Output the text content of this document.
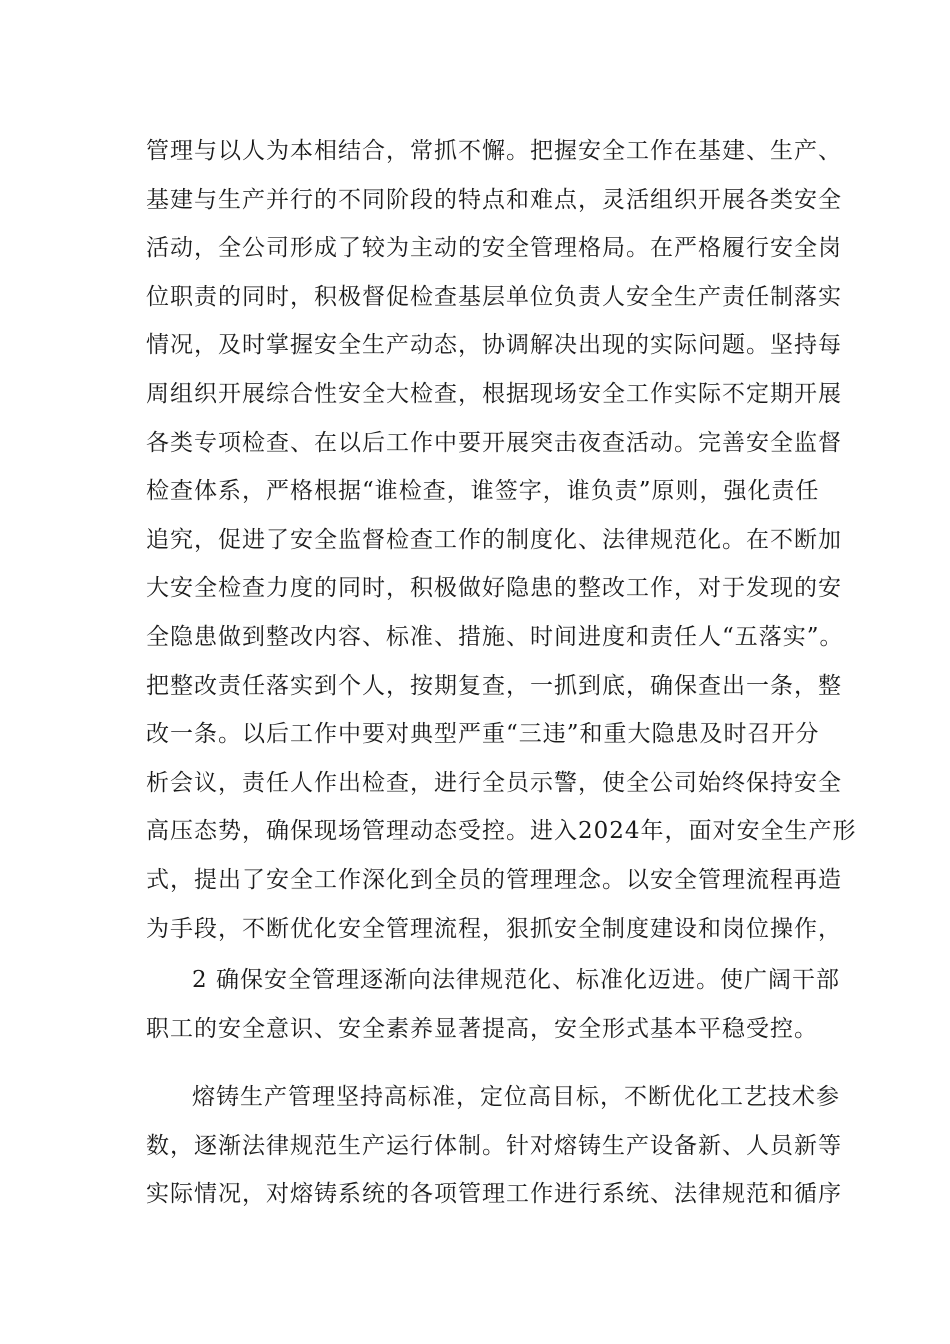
管理与以人为本相结合，常抓不懈。把握安全工作在基建、生产、
基建与生产并行的不同阶段的特点和难点，灵活组织开展各类安全
活动，全公司形成了较为主动的安全管理格局。在严格履行安全岗
位职责的同时，积极督促检查基层单位负责人安全生产责任制落实
情况，及时掌握安全生产动态，协调解决出现的实际问题。坚持每
周组织开展综合性安全大检查，根据现场安全工作实际不定期开展
各类专项检查、在以后工作中要开展突击夜查活动。完善安全监督
检查体系，严格根据“谁检查，谁签字，谁负责”原则，强化责任
追究，促进了安全监督检查工作的制度化、法律规范化。在不断加
大安全检查力度的同时，积极做好隐患的整改工作，对于发现的安
全隐患做到整改内容、标准、措施、时间进度和责任人“五落实”。
把整改责任落实到个人，按期复查，一抓到底，确保查出一条，整
改一条。以后工作中要对典型严重“三违”和重大隐患及时召开分
析会议，责任人作出检查，进行全员示警，使全公司始终保持安全
高压态势，确保现场管理动态受控。进入2024年，面对安全生产形
式，提出了安全工作深化到全员的管理理念。以安全管理流程再造
为手段，不断优化安全管理流程，狠抓安全制度建设和岗位操作，
2 确保安全管理逐渐向法律规范化、标准化迈进。使广阔干部
职工的安全意识、安全素养显著提高，安全形式基本平稳受控。
熔铸生产管理坚持高标准，定位高目标，不断优化工艺技术参
数，逐渐法律规范生产运行体制。针对熔铸生产设备新、人员新等
实际情况，对熔铸系统的各项管理工作进行系统、法律规范和循序
